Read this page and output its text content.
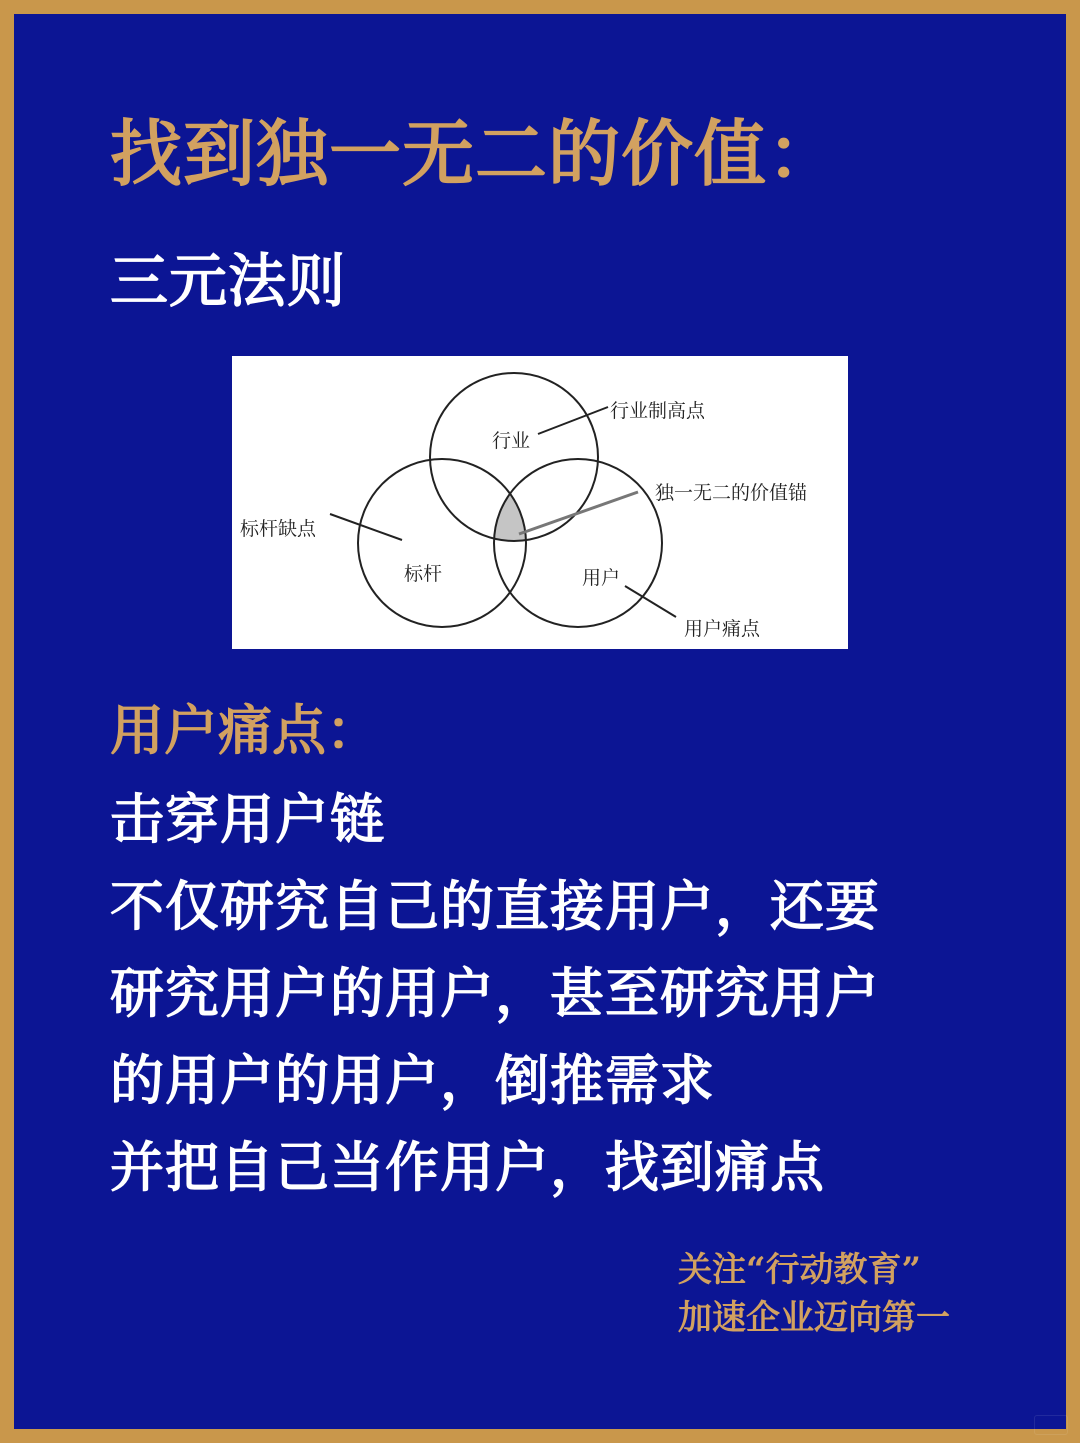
找到独一无二的价值：
三元法则
行业
标杆	用户
行业制高点
独一无二的价值锚
标杆缺点
用户痛点
用户痛点：
击穿用户链
不仅研究自己的直接用户，还要
研究用户的用户，甚至研究用户
的用户的用户，倒推需求
并把自己当作用户，找到痛点
关注“行动教育”
加速企业迈向第一
